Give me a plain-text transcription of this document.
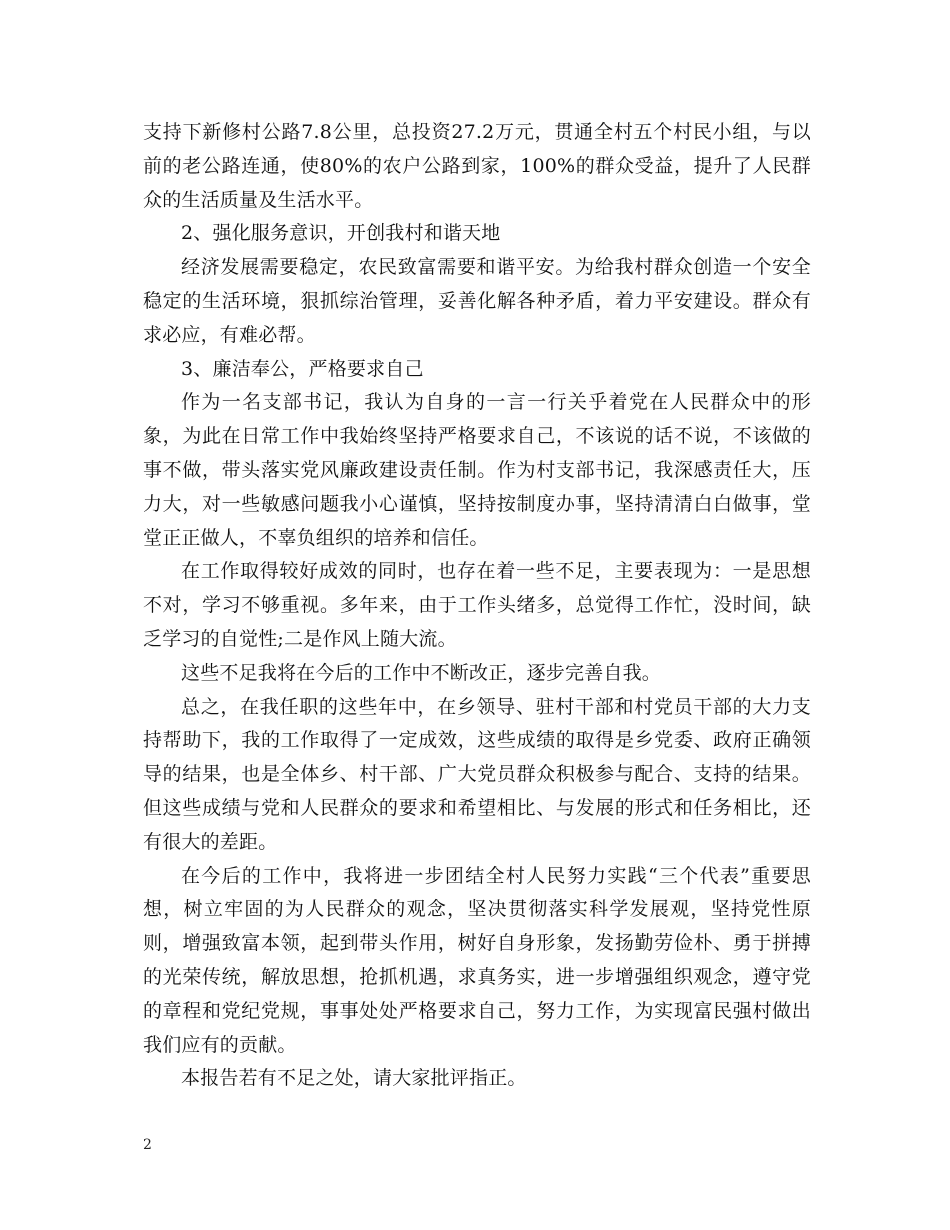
支持下新修村公路7.8公里，总投资27.2万元，贯通全村五个村民小组，与以前的老公路连通，使80%的农户公路到家，100%的群众受益，提升了人民群众的生活质量及生活水平。

2、强化服务意识，开创我村和谐天地

经济发展需要稳定，农民致富需要和谐平安。为给我村群众创造一个安全稳定的生活环境，狠抓综治管理，妥善化解各种矛盾，着力平安建设。群众有求必应，有难必帮。

3、廉洁奉公，严格要求自己

作为一名支部书记，我认为自身的一言一行关乎着党在人民群众中的形象，为此在日常工作中我始终坚持严格要求自己，不该说的话不说，不该做的事不做，带头落实党风廉政建设责任制。作为村支部书记，我深感责任大，压力大，对一些敏感问题我小心谨慎，坚持按制度办事，坚持清清白白做事，堂堂正正做人，不辜负组织的培养和信任。

在工作取得较好成效的同时，也存在着一些不足，主要表现为：一是思想不对，学习不够重视。多年来，由于工作头绪多，总觉得工作忙，没时间，缺乏学习的自觉性;二是作风上随大流。

这些不足我将在今后的工作中不断改正，逐步完善自我。

总之，在我任职的这些年中，在乡领导、驻村干部和村党员干部的大力支持帮助下，我的工作取得了一定成效，这些成绩的取得是乡党委、政府正确领导的结果，也是全体乡、村干部、广大党员群众积极参与配合、支持的结果。但这些成绩与党和人民群众的要求和希望相比、与发展的形式和任务相比，还有很大的差距。

在今后的工作中，我将进一步团结全村人民努力实践“三个代表”重要思想，树立牢固的为人民群众的观念，坚决贯彻落实科学发展观，坚持党性原则，增强致富本领，起到带头作用，树好自身形象，发扬勤劳俭朴、勇于拼搏的光荣传统，解放思想，抢抓机遇，求真务实，进一步增强组织观念，遵守党的章程和党纪党规，事事处处严格要求自己，努力工作，为实现富民强村做出我们应有的贡献。

本报告若有不足之处，请大家批评指正。

2
